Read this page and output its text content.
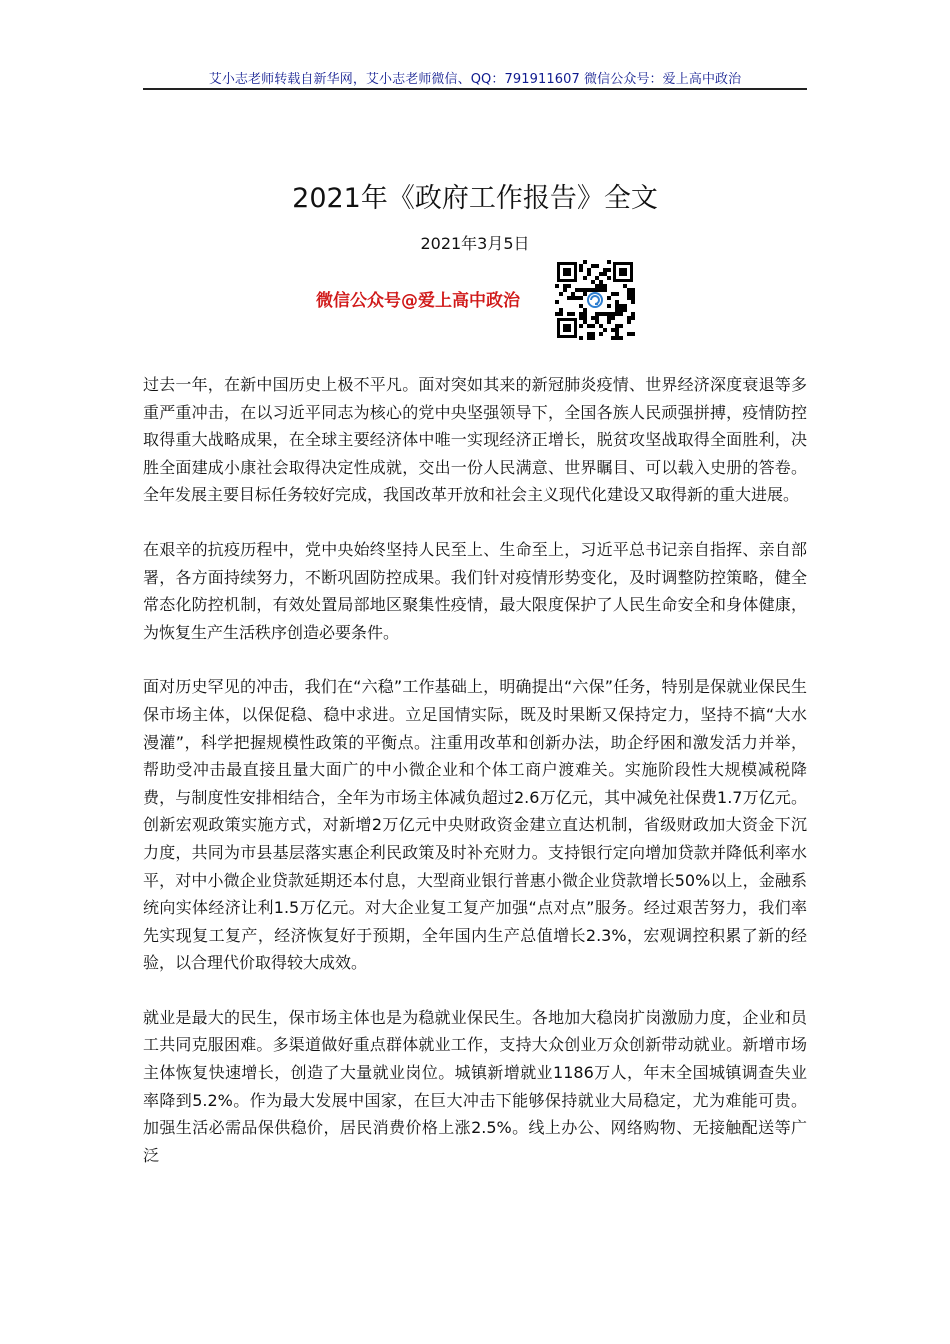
艾小志老师转载自新华网，艾小志老师微信、QQ：791911607 微信公众号：爱上高中政治
2021年《政府工作报告》全文
2021年3月5日
微信公众号@爱上高中政治

过去一年，在新中国历史上极不平凡。面对突如其来的新冠肺炎疫情、世界经济深度衰退等多重严重冲击，在以习近平同志为核心的党中央坚强领导下，全国各族人民顽强拼搏，疫情防控取得重大战略成果，在全球主要经济体中唯一实现经济正增长，脱贫攻坚战取得全面胜利，决胜全面建成小康社会取得决定性成就，交出一份人民满意、世界瞩目、可以载入史册的答卷。全年发展主要目标任务较好完成，我国改革开放和社会主义现代化建设又取得新的重大进展。

在艰辛的抗疫历程中，党中央始终坚持人民至上、生命至上，习近平总书记亲自指挥、亲自部署，各方面持续努力，不断巩固防控成果。我们针对疫情形势变化，及时调整防控策略，健全常态化防控机制，有效处置局部地区聚集性疫情，最大限度保护了人民生命安全和身体健康，为恢复生产生活秩序创造必要条件。

面对历史罕见的冲击，我们在“六稳”工作基础上，明确提出“六保”任务，特别是保就业保民生保市场主体，以保促稳、稳中求进。立足国情实际，既及时果断又保持定力，坚持不搞“大水漫灌”，科学把握规模性政策的平衡点。注重用改革和创新办法，助企纾困和激发活力并举，帮助受冲击最直接且量大面广的中小微企业和个体工商户渡难关。实施阶段性大规模减税降费，与制度性安排相结合，全年为市场主体减负超过2.6万亿元，其中减免社保费1.7万亿元。创新宏观政策实施方式，对新增2万亿元中央财政资金建立直达机制，省级财政加大资金下沉力度，共同为市县基层落实惠企利民政策及时补充财力。支持银行定向增加贷款并降低利率水平，对中小微企业贷款延期还本付息，大型商业银行普惠小微企业贷款增长50%以上，金融系统向实体经济让利1.5万亿元。对大企业复工复产加强“点对点”服务。经过艰苦努力，我们率先实现复工复产，经济恢复好于预期，全年国内生产总值增长2.3%，宏观调控积累了新的经验，以合理代价取得较大成效。

就业是最大的民生，保市场主体也是为稳就业保民生。各地加大稳岗扩岗激励力度，企业和员工共同克服困难。多渠道做好重点群体就业工作，支持大众创业万众创新带动就业。新增市场主体恢复快速增长，创造了大量就业岗位。城镇新增就业1186万人，年末全国城镇调查失业率降到5.2%。作为最大发展中国家，在巨大冲击下能够保持就业大局稳定，尤为难能可贵。加强生活必需品保供稳价，居民消费价格上涨2.5%。线上办公、网络购物、无接触配送等广泛
